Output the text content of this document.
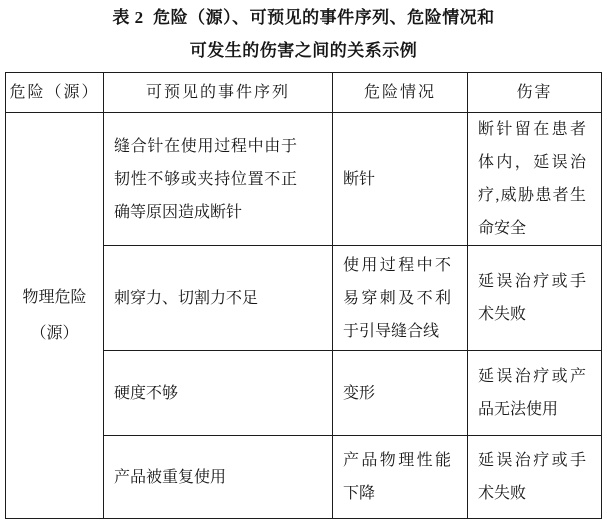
表 2  危险（源）、可预见的事件序列、危险情况和
可发生的伤害之间的关系示例
危险（源）	可预见的事件序列	危险情况	伤害
物理危险（源）	缝合针在使用过程中由于韧性不够或夹持位置不正确等原因造成断针	断针	断针留在患者体内，延误治疗,威胁患者生命安全
	刺穿力、切割力不足	使用过程中不易穿刺及不利于引导缝合线	延误治疗或手术失败
	硬度不够	变形	延误治疗或产品无法使用
	产品被重复使用	产品物理性能下降	延误治疗或手术失败
